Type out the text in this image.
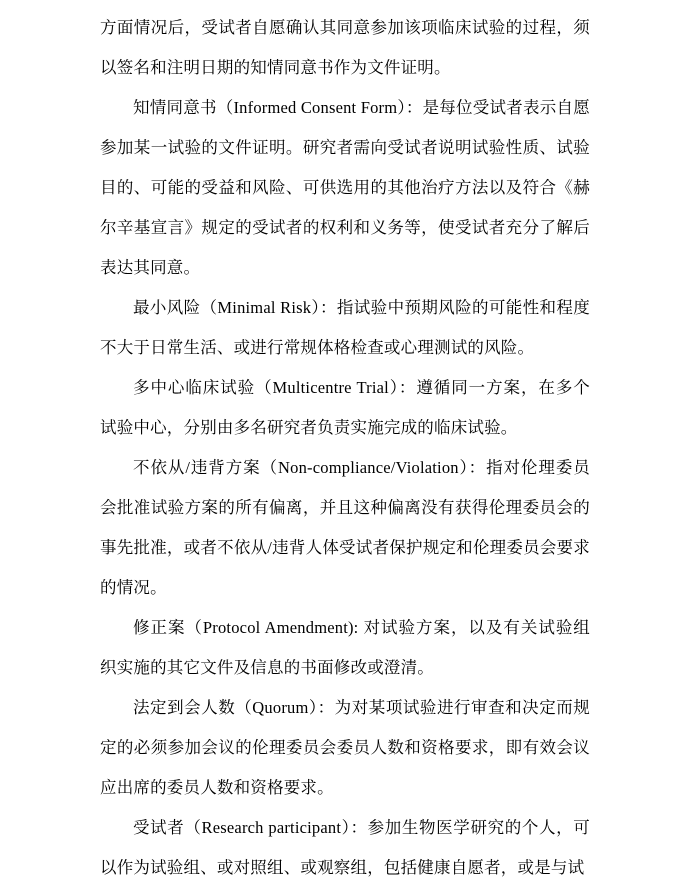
方面情况后，受试者自愿确认其同意参加该项临床试验的过程，须以签名和注明日期的知情同意书作为文件证明。

知情同意书（Informed Consent Form）：是每位受试者表示自愿参加某一试验的文件证明。研究者需向受试者说明试验性质、试验目的、可能的受益和风险、可供选用的其他治疗方法以及符合《赫尔辛基宣言》规定的受试者的权利和义务等，使受试者充分了解后表达其同意。

最小风险（Minimal Risk）：指试验中预期风险的可能性和程度不大于日常生活、或进行常规体格检查或心理测试的风险。

多中心临床试验（Multicentre Trial）：遵循同一方案，在多个试验中心，分别由多名研究者负责实施完成的临床试验。

不依从/违背方案（Non-compliance/Violation）：指对伦理委员会批准试验方案的所有偏离，并且这种偏离没有获得伦理委员会的事先批准，或者不依从/违背人体受试者保护规定和伦理委员会要求的情况。

修正案（Protocol Amendment): 对试验方案，以及有关试验组织实施的其它文件及信息的书面修改或澄清。

法定到会人数（Quorum）：为对某项试验进行审查和决定而规定的必须参加会议的伦理委员会委员人数和资格要求，即有效会议应出席的委员人数和资格要求。

受试者（Research participant）：参加生物医学研究的个人，可以作为试验组、或对照组、或观察组，包括健康自愿者，或是与试
